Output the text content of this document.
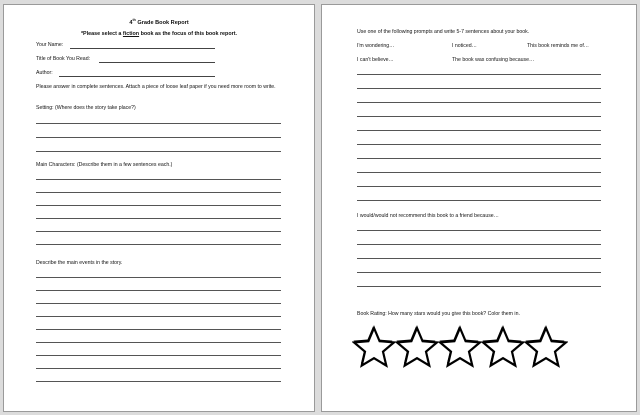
4th Grade Book Report
*Please select a fiction book as the focus of this book report.
Your Name:
Title of Book You Read:
Author:
Please answer in complete sentences. Attach a piece of loose leaf paper if you need more room to write.
Setting: (Where does the story take place?)
Main Characters: (Describe them in a few sentences each.)
Describe the main events in the story.
Use one of the following prompts and write 5-7 sentences about your book.
I'm wondering…	I noticed…	This book reminds me of…
I can't believe…	The book was confusing because…
I would/would not recommend this book to a friend because…
Book Rating: How many stars would you give this book? Color them in.
